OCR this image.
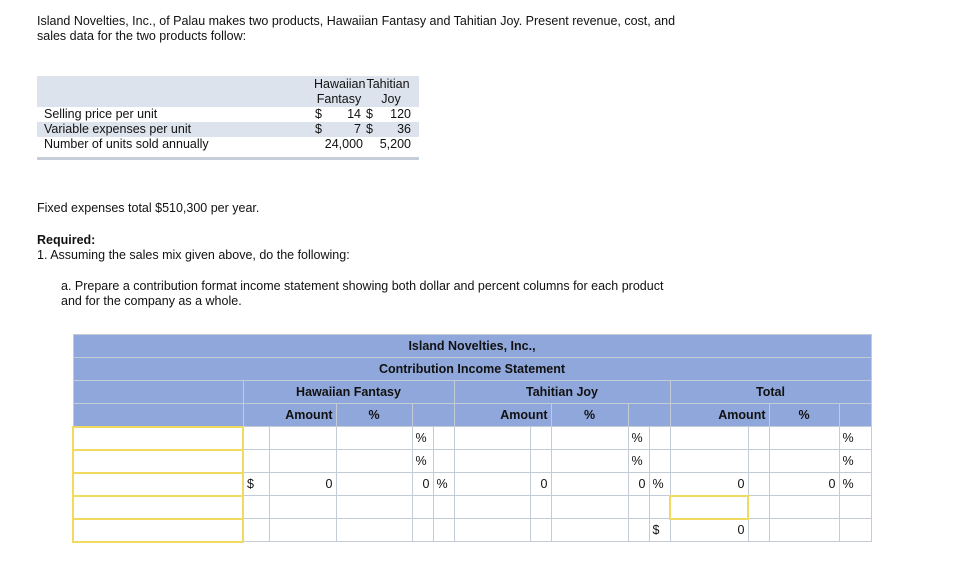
Island Novelties, Inc., of Palau makes two products, Hawaiian Fantasy and Tahitian Joy. Present revenue, cost, and sales data for the two products follow:
Hawaiian Tahitian
Fantasy	Joy
Selling price per unit	$	14 $	120
Variable expenses per unit	$	7 $	36
Number of units sold annually	24,000	5,200
Fixed expenses total $510,300 per year.
Required:
1. Assuming the sales mix given above, do the following:
a. Prepare a contribution format income statement showing both dollar and percent columns for each product and for the company as a whole.
Island Novelties, Inc.,														
Contribution Income Statement														
	Hawaiian Fantasy					Tahitian Joy					Total			
	Amount		%			Amount		%			Amount		%	
				%					%					%
				%					%					%
	$	0		0	%		0		0	%	0		0	%

										$	0			
